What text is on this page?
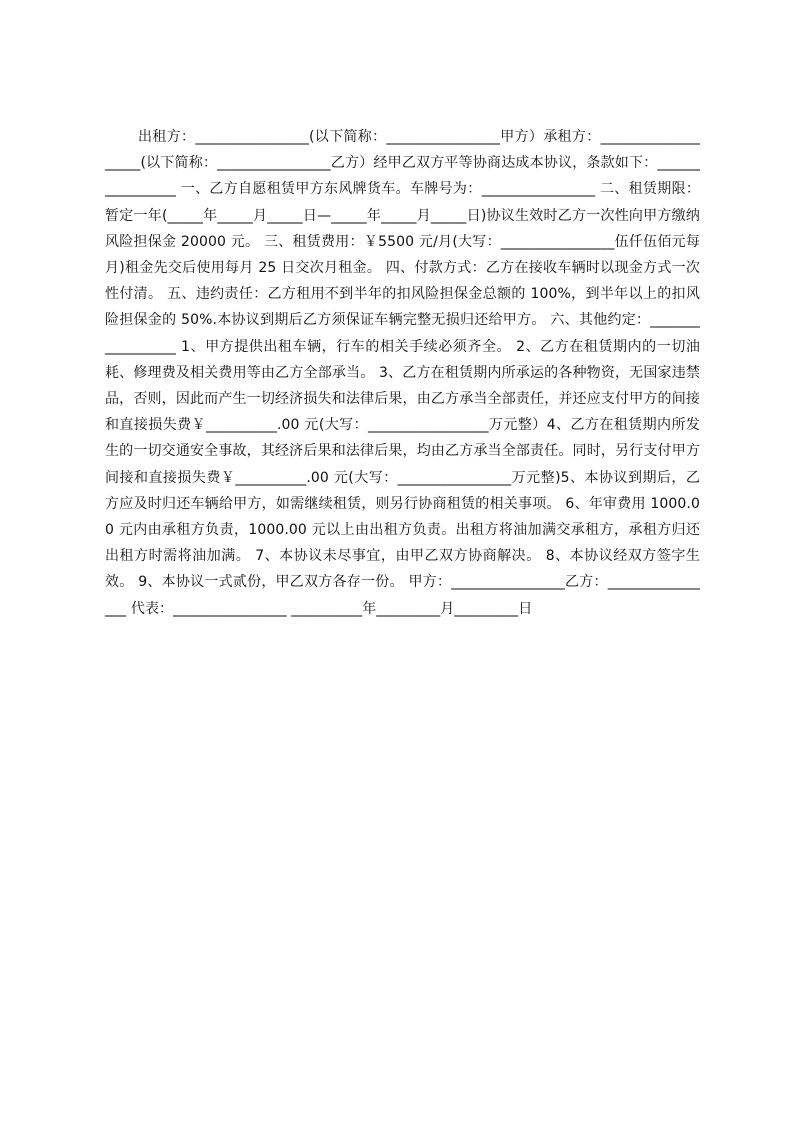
出租方：________________(以下简称：________________甲方）承租方：___________________(以下简称：________________乙方）经甲乙双方平等协商达成本协议，条款如下：________________ 一、乙方自愿租赁甲方东风牌货车。车牌号为：________________ 二、租赁期限：暂定一年(_____年_____月_____日—_____年_____月_____日)协议生效时乙方一次性向甲方缴纳风险担保金 20000 元。 三、租赁费用：￥5500 元/月(大写：________________伍仟伍佰元每月)租金先交后使用每月 25 日交次月租金。 四、付款方式：乙方在接收车辆时以现金方式一次性付清。 五、违约责任：乙方租用不到半年的扣风险担保金总额的 100%，到半年以上的扣风险担保金的 50%.本协议到期后乙方须保证车辆完整无损归还给甲方。 六、其他约定：_________________ 1、甲方提供出租车辆，行车的相关手续必须齐全。 2、乙方在租赁期内的一切油耗、修理费及相关费用等由乙方全部承当。 3、乙方在租赁期内所承运的各种物资，无国家违禁品，否则，因此而产生一切经济损失和法律后果，由乙方承当全部责任，并还应支付甲方的间接和直接损失费￥__________.00 元(大写：_________________万元整）4、乙方在租赁期内所发生的一切交通安全事故，其经济后果和法律后果，均由乙方承当全部责任。同时，另行支付甲方间接和直接损失费￥__________.00 元(大写：________________万元整)5、本协议到期后，乙方应及时归还车辆给甲方，如需继续租赁，则另行协商租赁的相关事项。 6、年审费用 1000.00 元内由承租方负责，1000.00 元以上由出租方负责。出租方将油加满交承租方，承租方归还出租方时需将油加满。 7、本协议未尽事宜，由甲乙双方协商解决。 8、本协议经双方签字生效。 9、本协议一式贰份，甲乙双方各存一份。 甲方：________________乙方：________________ 代表：________________ __________年_________月_________日
